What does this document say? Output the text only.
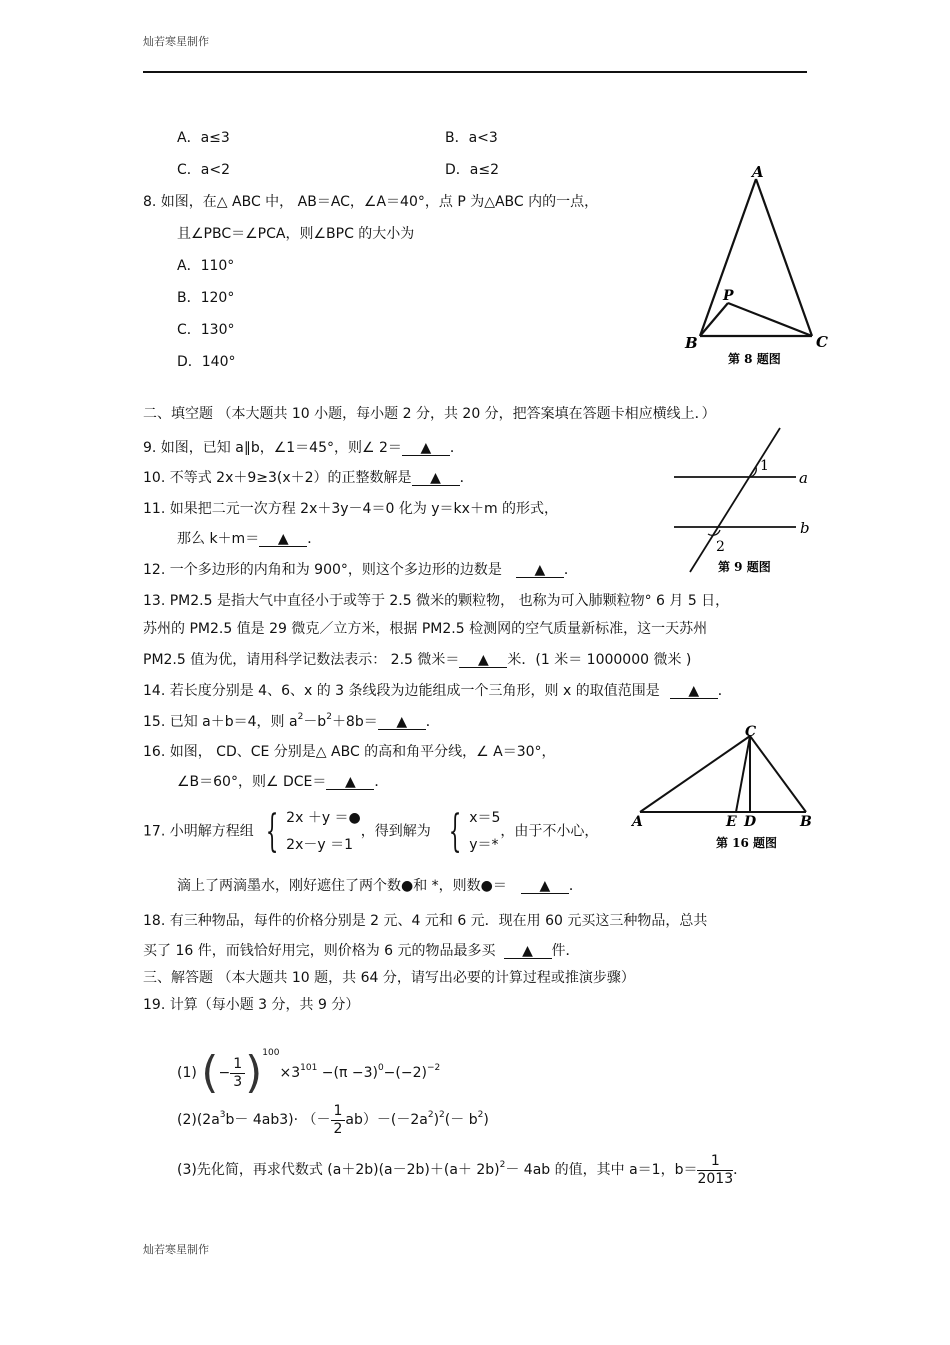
灿若寒星制作
A．a≤3	B．a<3
C．a<2	D．a≤2
8. 如图，在△ ABC 中， AB＝AC，∠A＝40°，点 P 为△ABC 内的一点，
且∠PBC＝∠PCA，则∠BPC 的大小为
A．110°
B．120°
C．130°
D．140°
A
B	C
P
第 8 题图
二、填空题 （本大题共 10 小题，每小题 2 分，共 20 分，把答案填在答题卡相应横线上．）
9. 如图，已知 a∥b，∠1＝45°，则∠ 2＝ ▲ ．
1
2
a
b
第 9 题图
10. 不等式 2x＋9≥3(x＋2）的正整数解是 ▲ ．
11. 如果把二元一次方程 2x＋3y－4＝0 化为 y＝kx＋m 的形式，
那么 k＋m＝ ▲ ．
12. 一个多边形的内角和为 900°，则这个多边形的边数是 ▲ ．
13. PM2.5 是指大气中直径小于或等于 2.5 微米的颗粒物， 也称为可入肺颗粒物° 6 月 5 日，
苏州的 PM2.5 值是 29 微克／立方米，根据 PM2.5 检测网的空气质量新标准，这一天苏州
PM2.5 值为优，请用科学记数法表示： 2.5 微米＝ ▲ 米．(1 米＝ 1000000 微米 )
14. 若长度分别是 4、6、x 的 3 条线段为边能组成一个三角形，则 x 的取值范围是 ▲ ．
15. 已知 a＋b＝4，则 $a^2-b^2+8b=$ ▲ ．
16. 如图， CD、CE 分别是△ ABC 的高和角平分线，∠ A＝30°，
∠B＝60°，则∠ DCE＝ ▲ ．
C
A	E D	B
第 16 题图
17. 小明解方程组 { 2x ＋y ＝●
2x－y ＝1
，得到解为 { x＝5
y＝*
，由于不小心，
滴上了两滴墨水，刚好遮住了两个数●和 *，则数●＝ ▲ ．
18. 有三种物品，每件的价格分别是 2 元、4 元和 6 元．现在用 60 元买这三种物品，总共
买了 16 件，而钱恰好用完，则价格为 6 元的物品最多买 ▲ 件．
三、解答题 （本大题共 10 题，共 64 分，请写出必要的计算过程或推演步骤）
19. 计算（每小题 3 分，共 9 分）
(1) (− $\frac{1}{3} )^{100}\times 3^{101} -(\pi -3)^0-(-2)^{-2}$
$(2)(2a^3b- 4ab3)\cdot$ （－ $\frac{1}{2} ab)-(-2a^2)^2(- b^2)$
(3)先化简，再求代数式 $(a+2b)(a-2b)+(a+ 2b)^2- 4ab$ 的值，其中 a＝1，$b= \frac{1}{2013}$ ．
灿若寒星制作
